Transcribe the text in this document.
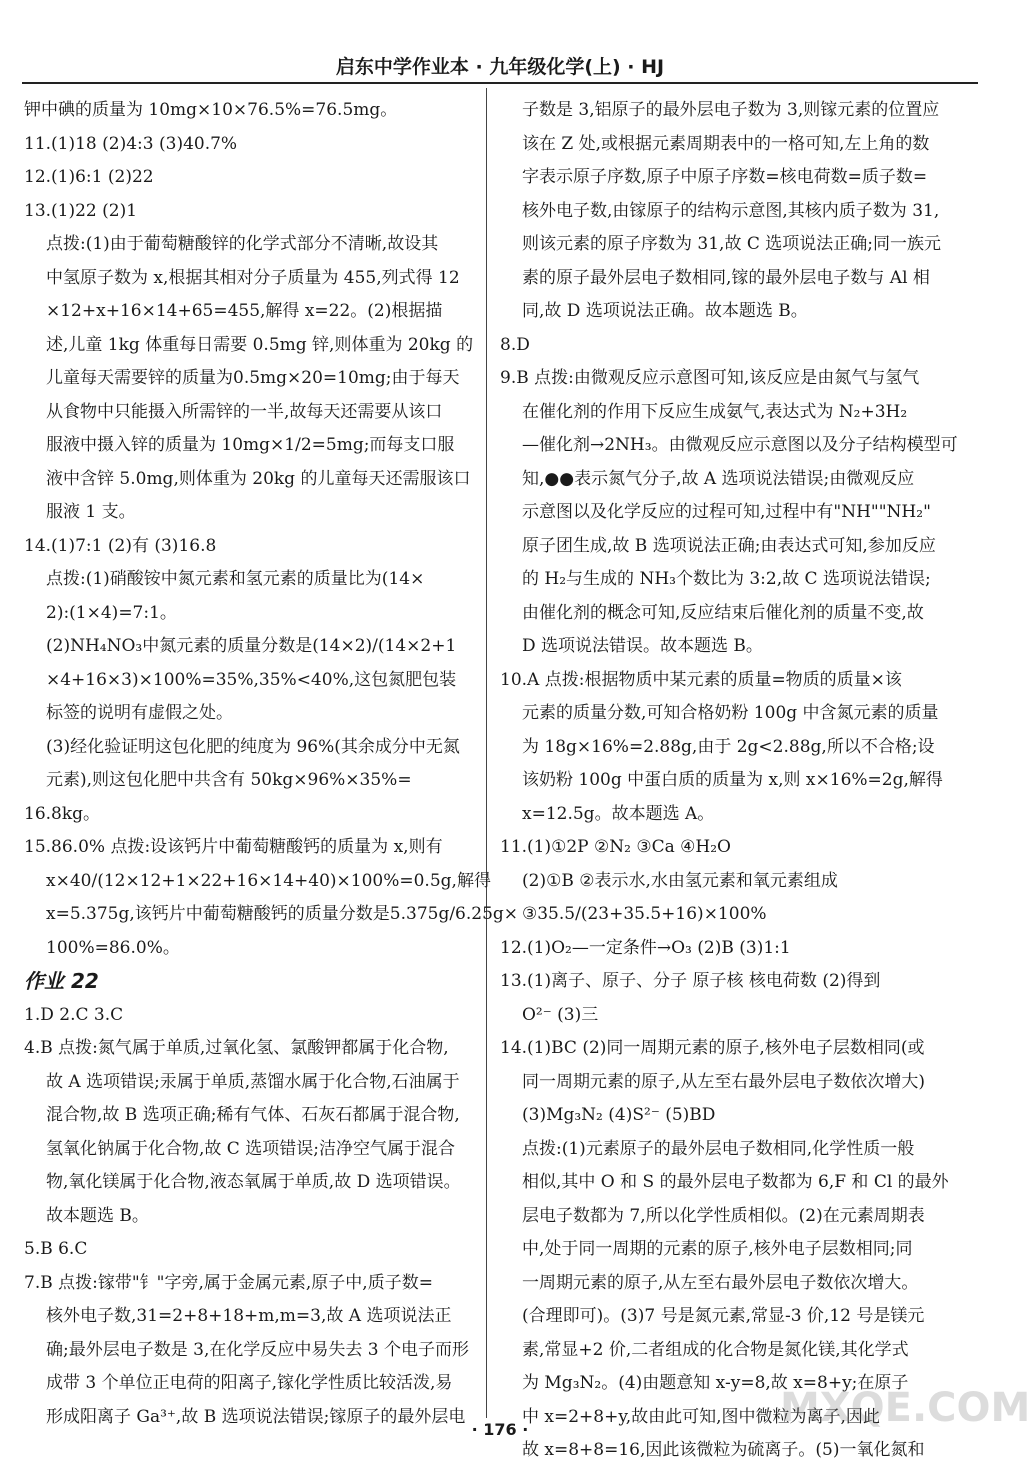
启东中学作业本 · 九年级化学(上) · HJ
钾中碘的质量为 10mg×10×76.5%=76.5mg。
11.(1)18 (2)4:3 (3)40.7%
12.(1)6:1 (2)22
13.(1)22 (2)1
点拨:(1)由于葡萄糖酸锌的化学式部分不清晰,故设其
中氢原子数为 x,根据其相对分子质量为 455,列式得 12
×12+x+16×14+65=455,解得 x=22。(2)根据描
述,儿童 1kg 体重每日需要 0.5mg 锌,则体重为 20kg 的
儿童每天需要锌的质量为0.5mg×20=10mg;由于每天
从食物中只能摄入所需锌的一半,故每天还需要从该口
服液中摄入锌的质量为 10mg×1/2=5mg;而每支口服
液中含锌 5.0mg,则体重为 20kg 的儿童每天还需服该口
服液 1 支。
14.(1)7:1 (2)有 (3)16.8
点拨:(1)硝酸铵中氮元素和氢元素的质量比为(14×
2):(1×4)=7:1。
(2)NH₄NO₃中氮元素的质量分数是(14×2)/(14×2+1
×4+16×3)×100%=35%,35%<40%,这包氮肥包装
标签的说明有虚假之处。
(3)经化验证明这包化肥的纯度为 96%(其余成分中无氮
元素),则这包化肥中共含有 50kg×96%×35%=
16.8kg。
15.86.0% 点拨:设该钙片中葡萄糖酸钙的质量为 x,则有
x×40/(12×12+1×22+16×14+40)×100%=0.5g,解得
x=5.375g,该钙片中葡萄糖酸钙的质量分数是5.375g/6.25g×
100%=86.0%。
作业 22
1.D 2.C 3.C
4.B 点拨:氮气属于单质,过氧化氢、氯酸钾都属于化合物,
故 A 选项错误;汞属于单质,蒸馏水属于化合物,石油属于
混合物,故 B 选项正确;稀有气体、石灰石都属于混合物,
氢氧化钠属于化合物,故 C 选项错误;洁净空气属于混合
物,氧化镁属于化合物,液态氧属于单质,故 D 选项错误。
故本题选 B。
5.B 6.C
7.B 点拨:镓带"钅"字旁,属于金属元素,原子中,质子数=
核外电子数,31=2+8+18+m,m=3,故 A 选项说法正
确;最外层电子数是 3,在化学反应中易失去 3 个电子而形
成带 3 个单位正电荷的阳离子,镓化学性质比较活泼,易
形成阳离子 Ga³⁺,故 B 选项说法错误;镓原子的最外层电
子数是 3,铝原子的最外层电子数为 3,则镓元素的位置应
该在 Z 处,或根据元素周期表中的一格可知,左上角的数
字表示原子序数,原子中原子序数=核电荷数=质子数=
核外电子数,由镓原子的结构示意图,其核内质子数为 31,
则该元素的原子序数为 31,故 C 选项说法正确;同一族元
素的原子最外层电子数相同,镓的最外层电子数与 Al 相
同,故 D 选项说法正确。故本题选 B。
8.D
9.B 点拨:由微观反应示意图可知,该反应是由氮气与氢气
在催化剂的作用下反应生成氨气,表达式为 N₂+3H₂
—催化剂→2NH₃。由微观反应示意图以及分子结构模型可
知,●●表示氮气分子,故 A 选项说法错误;由微观反应
示意图以及化学反应的过程可知,过程中有"NH""NH₂"
原子团生成,故 B 选项说法正确;由表达式可知,参加反应
的 H₂与生成的 NH₃个数比为 3:2,故 C 选项说法错误;
由催化剂的概念可知,反应结束后催化剂的质量不变,故
D 选项说法错误。故本题选 B。
10.A 点拨:根据物质中某元素的质量=物质的质量×该
元素的质量分数,可知合格奶粉 100g 中含氮元素的质量
为 18g×16%=2.88g,由于 2g<2.88g,所以不合格;设
该奶粉 100g 中蛋白质的质量为 x,则 x×16%=2g,解得
x=12.5g。故本题选 A。
11.(1)①2P ②N₂ ③Ca ④H₂O
(2)①B ②表示水,水由氢元素和氧元素组成
③35.5/(23+35.5+16)×100%
12.(1)O₂—一定条件→O₃ (2)B (3)1:1
13.(1)离子、原子、分子 原子核 核电荷数 (2)得到
O²⁻ (3)三
14.(1)BC (2)同一周期元素的原子,核外电子层数相同(或
同一周期元素的原子,从左至右最外层电子数依次增大)
(3)Mg₃N₂ (4)S²⁻ (5)BD
点拨:(1)元素原子的最外层电子数相同,化学性质一般
相似,其中 O 和 S 的最外层电子数都为 6,F 和 Cl 的最外
层电子数都为 7,所以化学性质相似。(2)在元素周期表
中,处于同一周期的元素的原子,核外电子层数相同;同
一周期元素的原子,从左至右最外层电子数依次增大。
(合理即可)。(3)7 号是氮元素,常显-3 价,12 号是镁元
素,常显+2 价,二者组成的化合物是氮化镁,其化学式
为 Mg₃N₂。(4)由题意知 x-y=8,故 x=8+y;在原子
中 x=2+8+y,故由此可知,图中微粒为离子,因此
故 x=8+8=16,因此该微粒为硫离子。(5)一氧化氮和
· 176 ·	MXQE.COM
